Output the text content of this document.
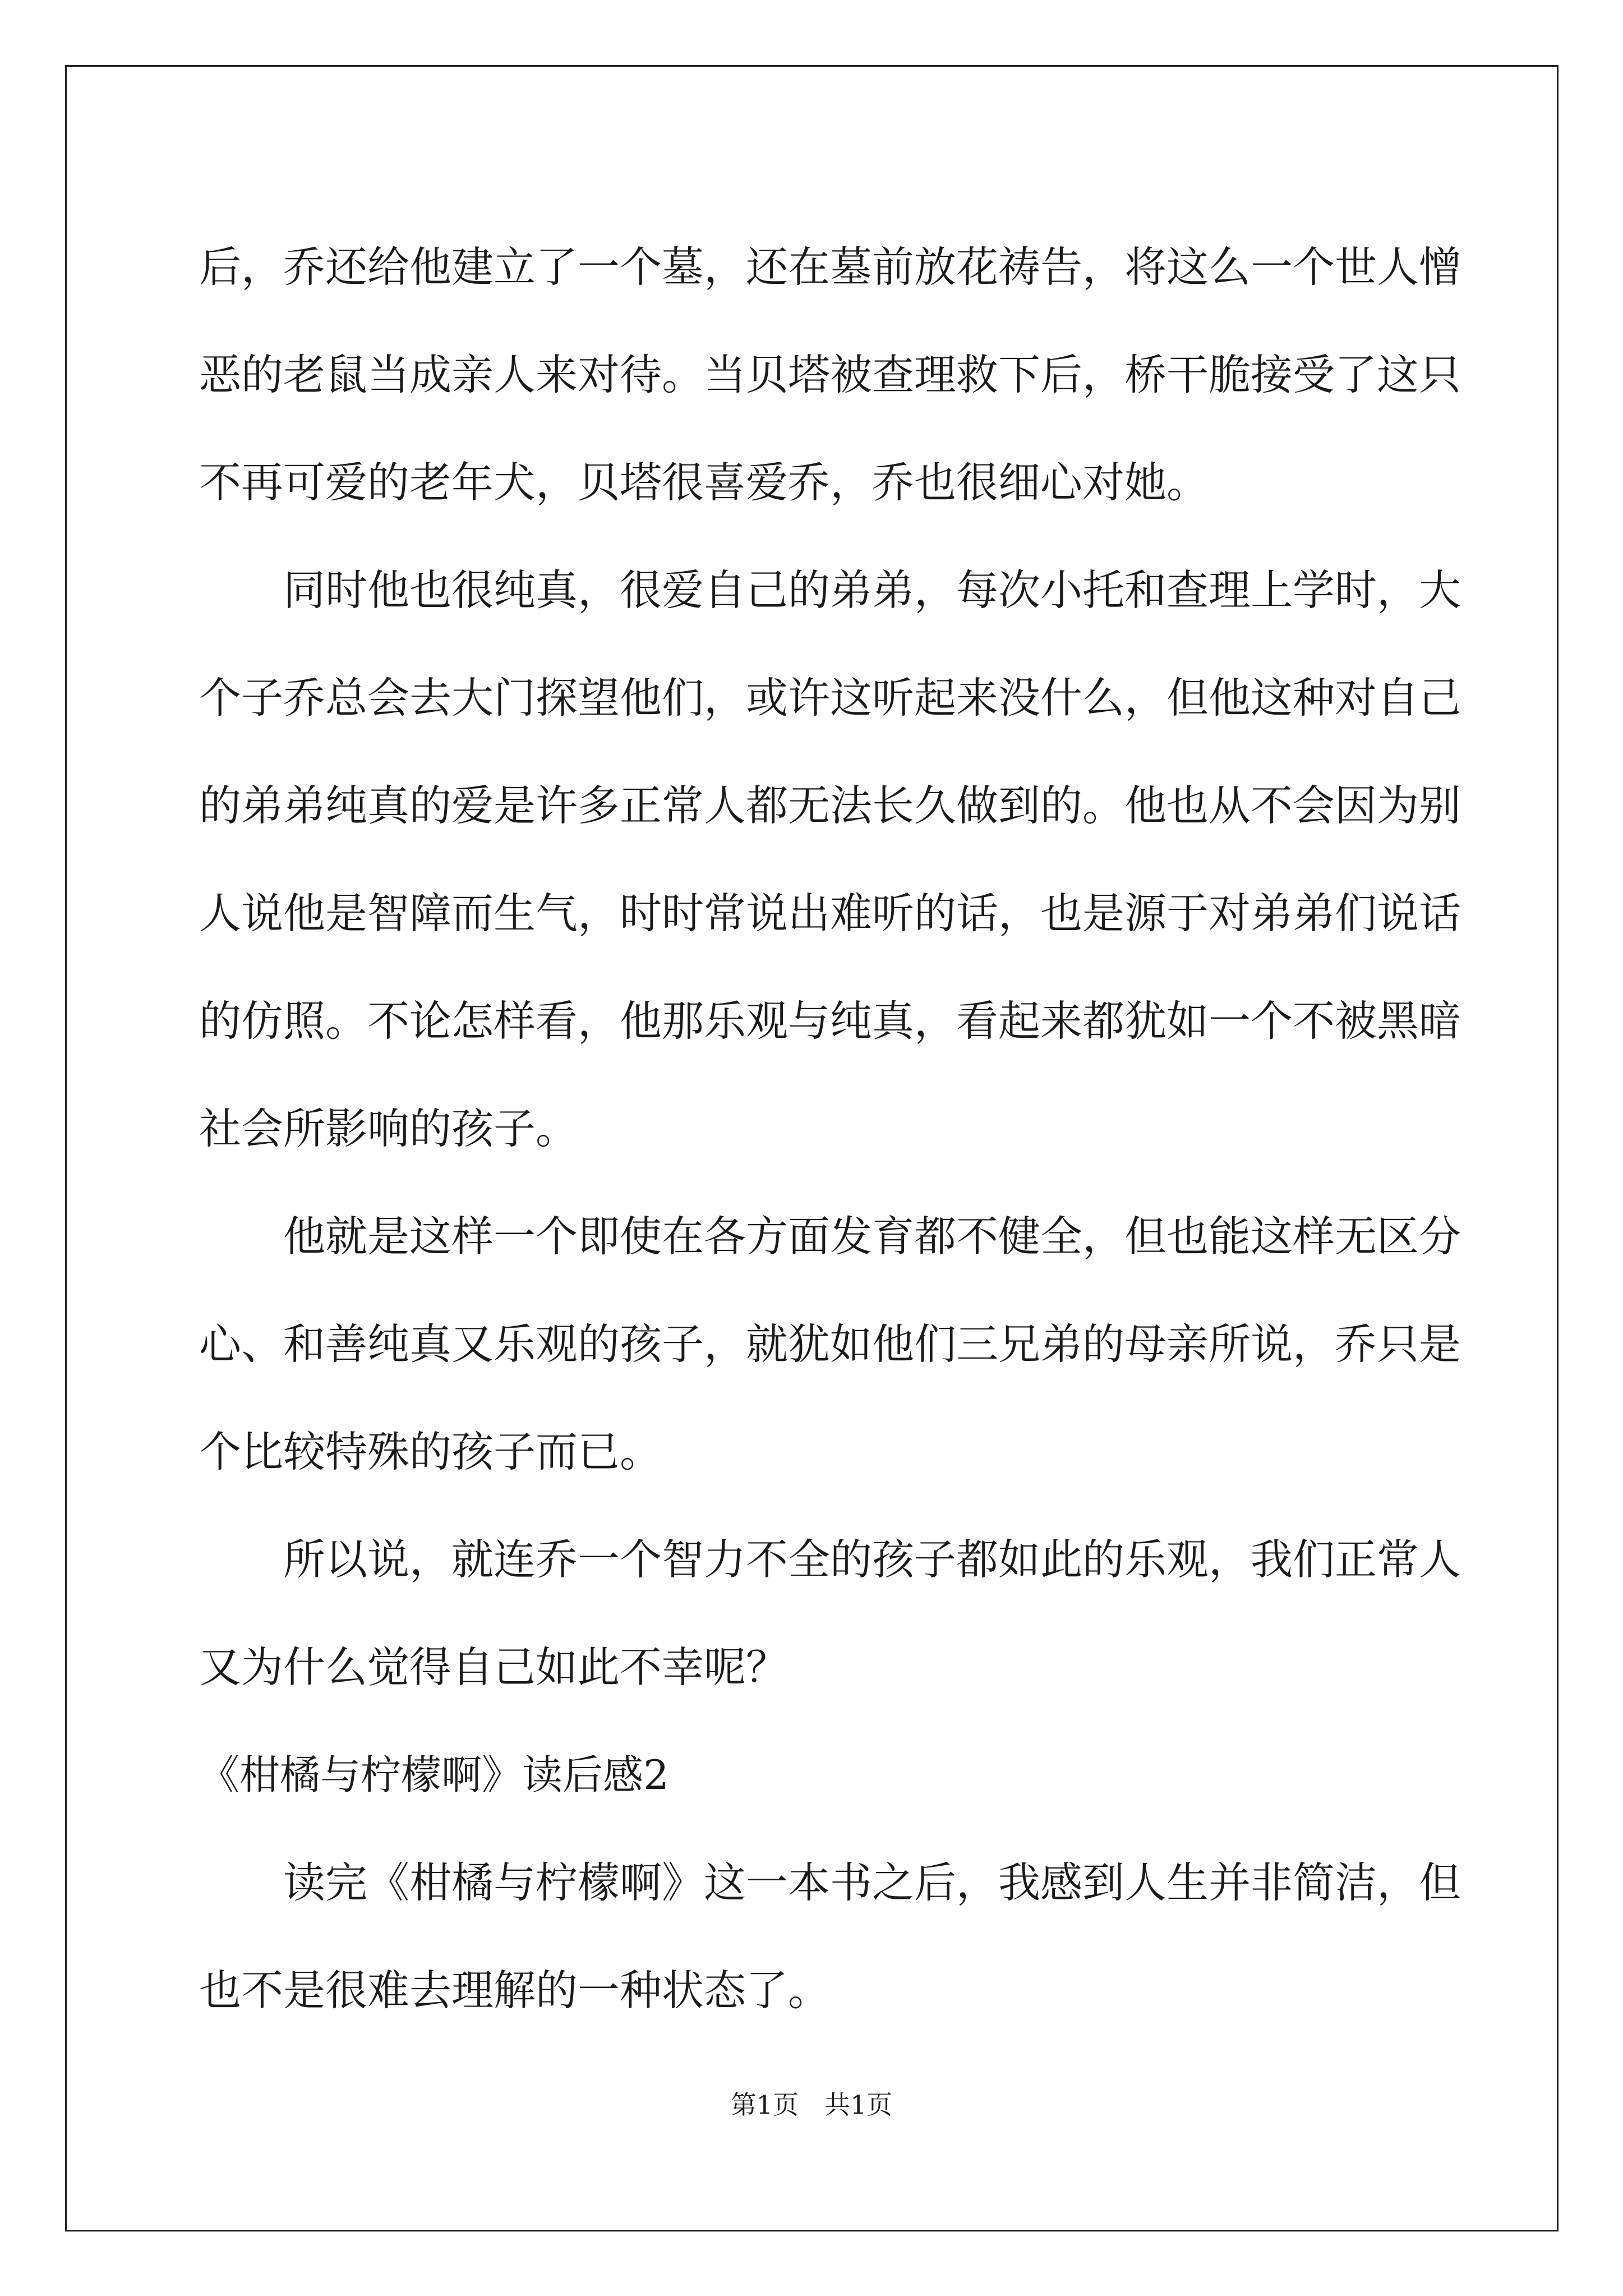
后，乔还给他建立了一个墓，还在墓前放花祷告，将这么一个世人憎
恶的老鼠当成亲人来对待。当贝塔被查理救下后，桥干脆接受了这只
不再可爱的老年犬，贝塔很喜爱乔，乔也很细心对她。
同时他也很纯真，很爱自己的弟弟，每次小托和查理上学时，大
个子乔总会去大门探望他们，或许这听起来没什么，但他这种对自己
的弟弟纯真的爱是许多正常人都无法长久做到的。他也从不会因为别
人说他是智障而生气，时时常说出难听的话，也是源于对弟弟们说话
的仿照。不论怎样看，他那乐观与纯真，看起来都犹如一个不被黑暗
社会所影响的孩子。
他就是这样一个即使在各方面发育都不健全，但也能这样无区分
心、和善纯真又乐观的孩子，就犹如他们三兄弟的母亲所说，乔只是
个比较特殊的孩子而已。
所以说，就连乔一个智力不全的孩子都如此的乐观，我们正常人
又为什么觉得自己如此不幸呢？
《柑橘与柠檬啊》读后感2
读完《柑橘与柠檬啊》这一本书之后，我感到人生并非简洁，但
也不是很难去理解的一种状态了。
第1页　共1页
